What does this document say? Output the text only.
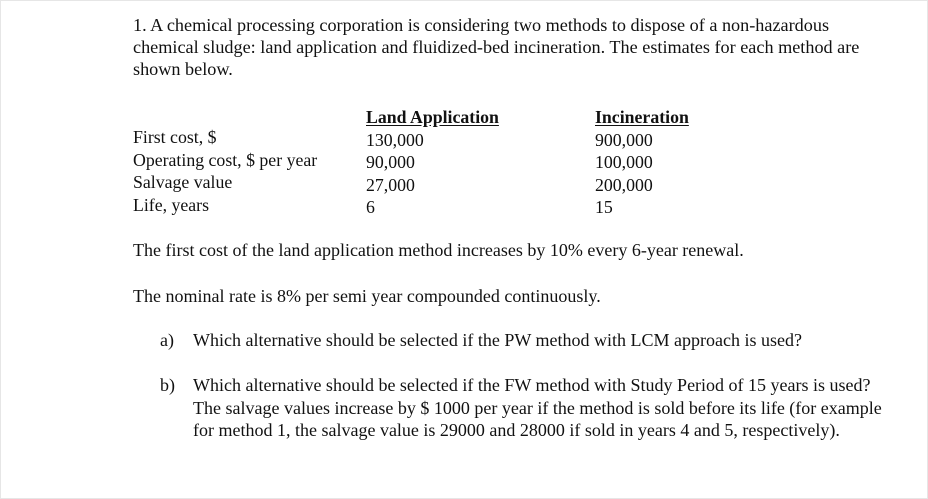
1. A chemical processing corporation is considering two methods to dispose of a non-hazardous chemical sludge: land application and fluidized-bed incineration. The estimates for each method are shown below.
First cost, $
Operating cost, $ per year
Salvage value
Life, years
Land Application
130,000
90,000
27,000
6
Incineration
900,000
100,000
200,000
15
The first cost of the land application method increases by 10% every 6-year renewal.
The nominal rate is 8% per semi year compounded continuously.
a) Which alternative should be selected if the PW method with LCM approach is used?
b) Which alternative should be selected if the FW method with Study Period of 15 years is used? The salvage values increase by $ 1000 per year if the method is sold before its life (for example for method 1, the salvage value is 29000 and 28000 if sold in years 4 and 5, respectively).
